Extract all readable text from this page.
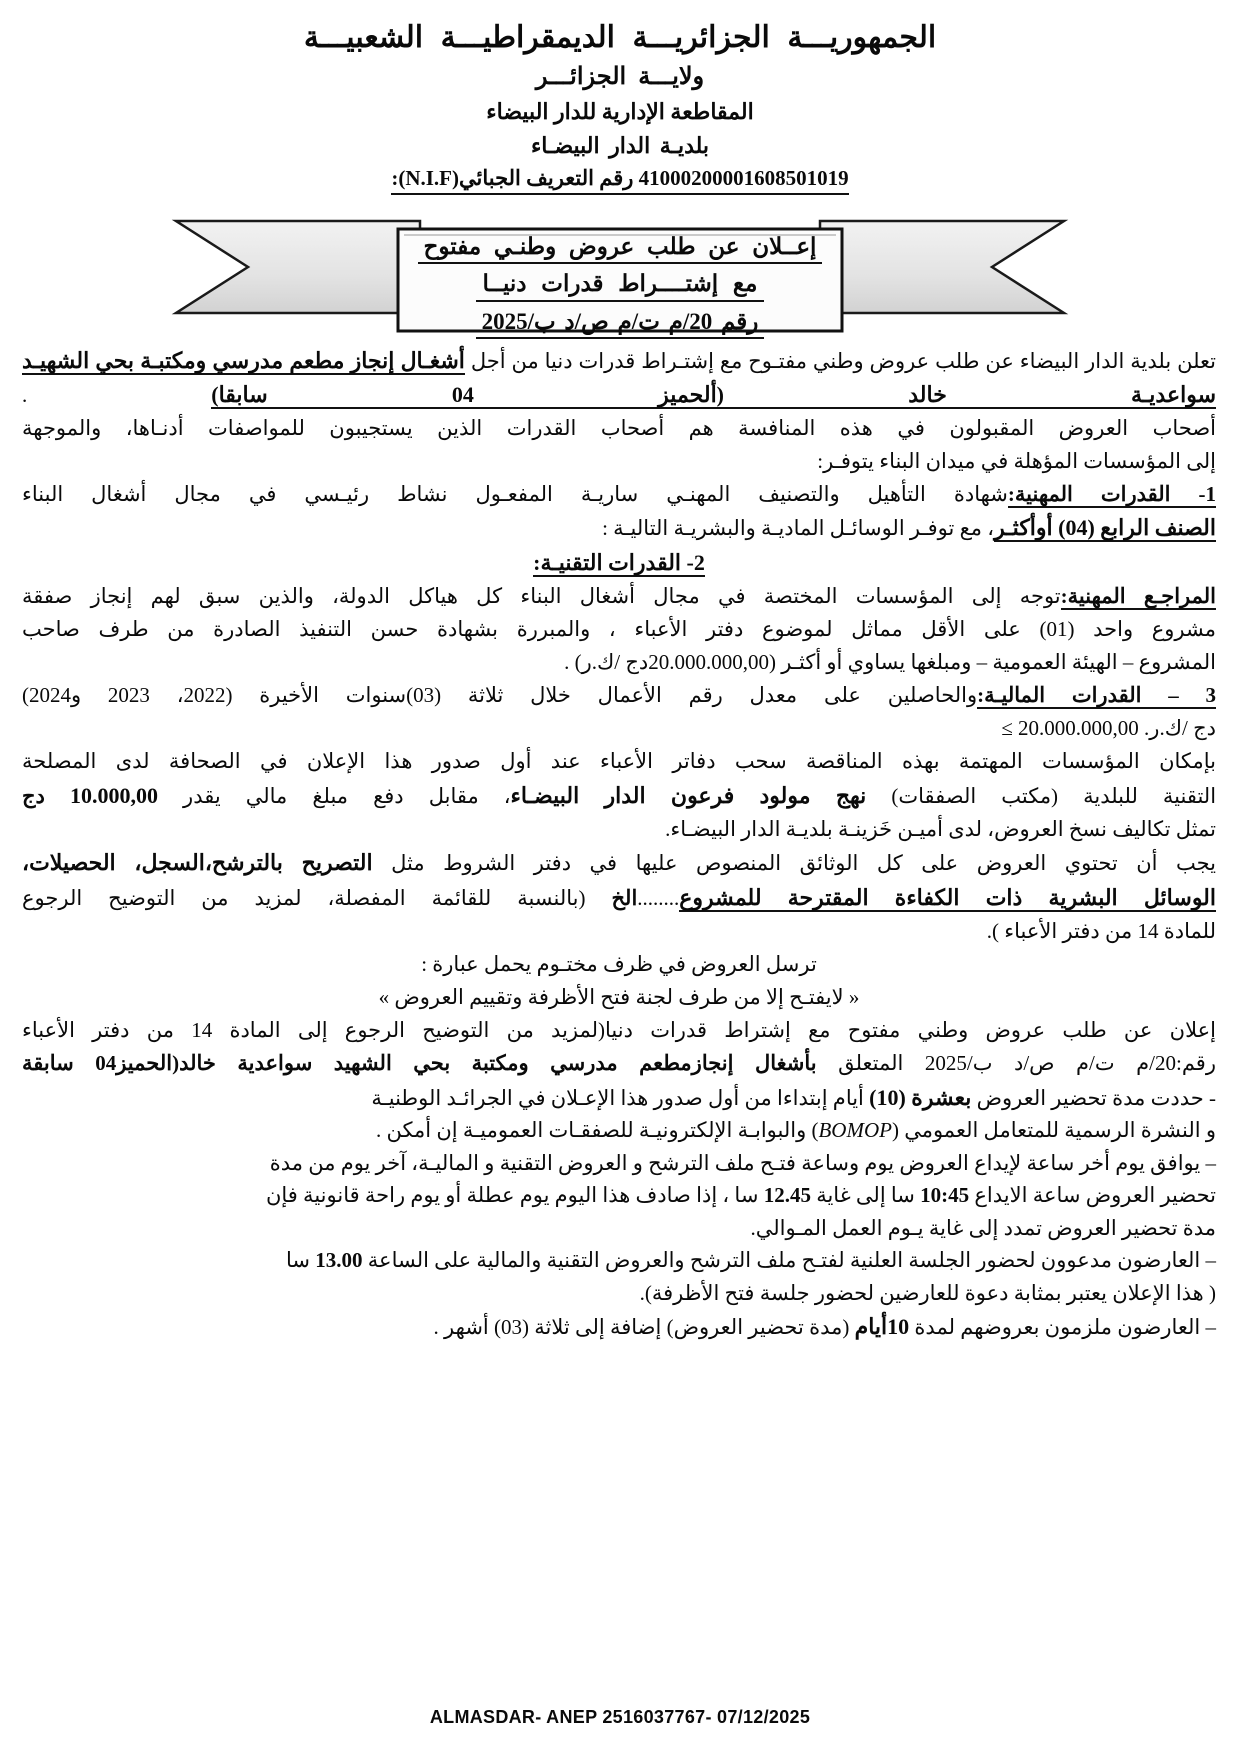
الجمهوريـــة الجزائريـــة الديمقراطيـــة الشعبيـــة
ولايـــة الجزائـــر
المقاطعة الإدارية للدار البيضاء
بلديـة الدار البيضـاء
41000200001608501019 رقم التعريف الجبائي(N.I.F):
إعــلان عن طلب عروض وطنـي مفتوح
مع إشتــــراط قدرات دنيــا
رقم 20/م ت/م ص/د ب/2025

تعلن بلدية الدار البيضاء عن طلب عروض وطني مفتـوح مع إشتـراط قدرات دنيا من أجل أشغـال إنجاز مطعم مدرسي ومكتبـة بحي الشهيـد سواعديـة خالد (ألحميز 04 سابقا) .

أصحاب العروض المقبولون في هذه المنافسة هم أصحاب القدرات الذين يستجيبون للمواصفات أدنـاها، والموجهة

إلى المؤسسات المؤهلة في ميدان البناء يتوفـر:

1- القدرات المهنية:شهادة التأهيل والتصنيف المهنـي ساريـة المفعـول نشاط رئيـسي في مجال أشغال البناء

الصنف الرابع (04) أوأكثـر، مع توفـر الوسائـل الماديـة والبشريـة التاليـة :

2- القدرات التقنيـة:

المراجـع المهنية:توجه إلى المؤسسات المختصة في مجال أشغال البناء كل هياكل الدولة، والذين سبق لهم إنجاز صفقة

مشروع واحد (01) على الأقل مماثل لموضوع دفتر الأعباء ، والمبررة بشهادة حسن التنفيذ الصادرة من طرف صاحب

المشروع – الهيئة العمومية – ومبلغها يساوي أو أكثـر (20.000.000,00دج /ك.ر) .

3 – القدرات الماليـة:والحاصلين على معدل رقم الأعمال خلال ثلاثة (03)سنوات الأخيرة (2022، 2023 و2024)

دج /ك.ر. 20.000.000,00 ≥

بإمكان المؤسسات المهتمة بهذه المناقصة سحب دفاتر الأعباء عند أول صدور هذا الإعلان في الصحافة لدى المصلحة

التقنية للبلدية (مكتب الصفقات) نهج مولود فرعون الدار البيضـاء، مقابل دفع مبلغ مالي يقدر 10.000,00 دج

تمثل تكاليف نسخ العروض، لدى أميـن خَزينـة بلديـة الدار البيضـاء.

يجب أن تحتوي العروض على كل الوثائق المنصوص عليها في دفتر الشروط مثل التصريح بالترشح،السجل، الحصيلات،

الوسائل البشرية ذات الكفاءة المقترحة للمشروع........الخ (بالنسبة للقائمة المفصلة، لمزيد من التوضيح الرجوع

للمادة 14 من دفتر الأعباء ).

ترسل العروض في ظرف مختـوم يحمل عبارة :

« لايفتـح إلا من طرف لجنة فتح الأظرفة وتقييم العروض »

إعلان عن طلب عروض وطني مفتوح مع إشتراط قدرات دنيا(لمزيد من التوضيح الرجوع إلى المادة 14 من دفتر الأعباء

رقم:20/م ت/م ص/د ب/2025 المتعلق بأشغال إنجازمطعم مدرسي ومكتبة بحي الشهيد سواعدية خالد(الحميز04 سابقة

- حددت مدة تحضير العروض بعشرة (10) أيام إبتداءا من أول صدور هذا الإعـلان في الجرائـد الوطنيـة

و النشرة الرسمية للمتعامل العمومي (BOMOP) والبوابـة الإلكترونيـة للصفقـات العموميـة إن أمكن .

– يوافق يوم أخر ساعة لإيداع العروض يوم وساعة فتـح ملف الترشح و العروض التقنية و الماليـة، آخر يوم من مدة

تحضير العروض ساعة الايداع 10:45 سا إلى غاية 12.45 سا ، إذا صادف هذا اليوم يوم عطلة أو يوم راحة قانونية فإن

مدة تحضير العروض تمدد إلى غاية يـوم العمل المـوالي.

– العارضون مدعوون لحضور الجلسة العلنية لفتـح ملف الترشح والعروض التقنية والمالية على الساعة 13.00 سا

( هذا الإعلان يعتبر بمثابة دعوة للعارضين لحضور جلسة فتح الأظرفة).

– العارضون ملزمون بعروضهم لمدة 10أيام (مدة تحضير العروض) إضافة إلى ثلاثة (03) أشهر .

ALMASDAR- ANEP 2516037767- 07/12/2025
